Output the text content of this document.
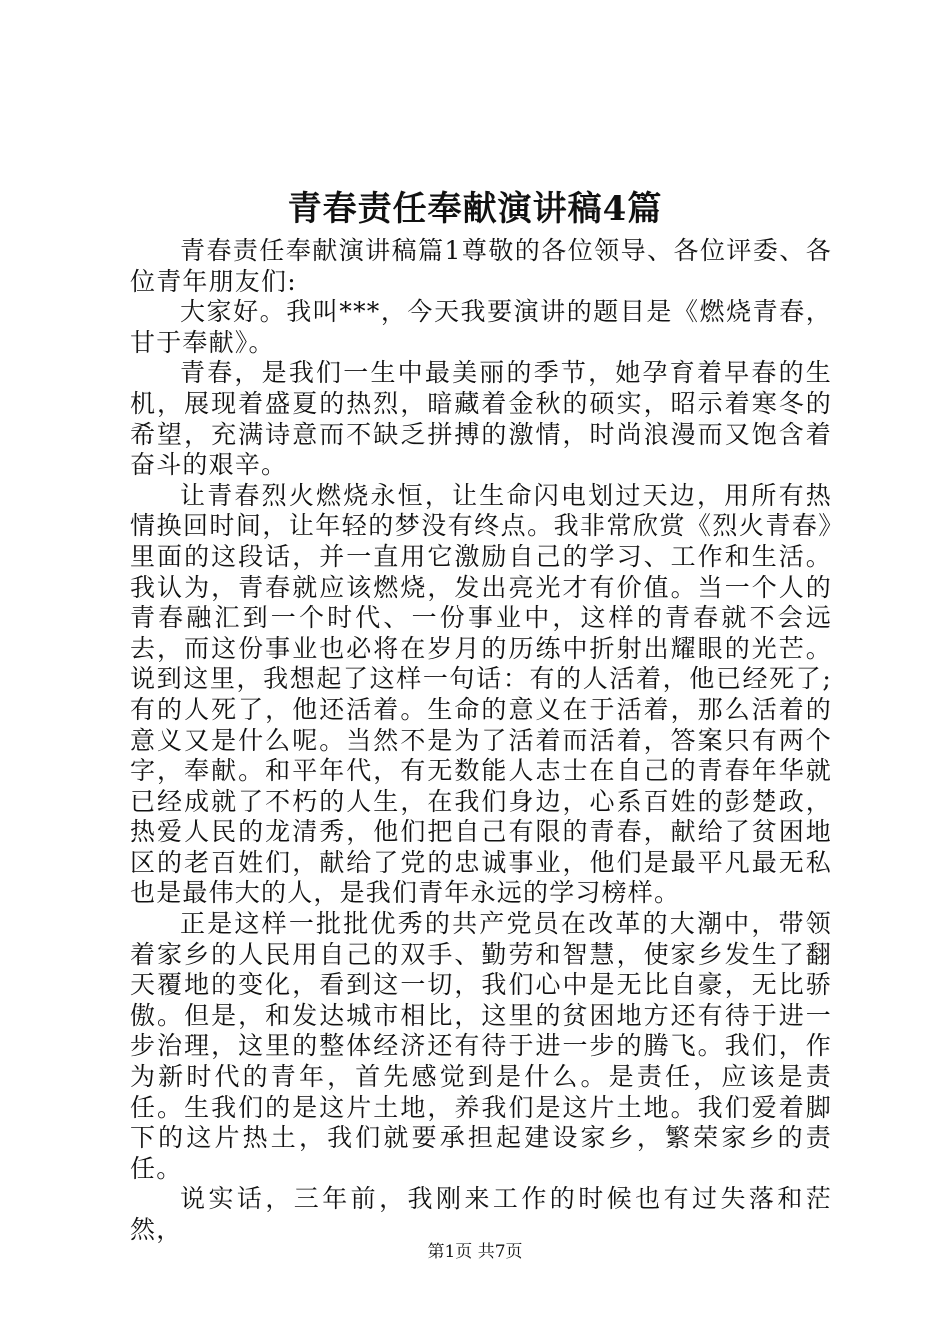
青春责任奉献演讲稿4篇

青春责任奉献演讲稿篇1尊敬的各位领导、各位评委、各位青年朋友们:

大家好。我叫***，今天我要演讲的题目是《燃烧青春，甘于奉献》。

青春，是我们一生中最美丽的季节，她孕育着早春的生机，展现着盛夏的热烈，暗藏着金秋的硕实，昭示着寒冬的希望，充满诗意而不缺乏拼搏的激情，时尚浪漫而又饱含着奋斗的艰辛。

让青春烈火燃烧永恒，让生命闪电划过天边，用所有热情换回时间，让年轻的梦没有终点。我非常欣赏《烈火青春》里面的这段话，并一直用它激励自己的学习、工作和生活。我认为，青春就应该燃烧，发出亮光才有价值。当一个人的青春融汇到一个时代、一份事业中，这样的青春就不会远去，而这份事业也必将在岁月的历练中折射出耀眼的光芒。说到这里，我想起了这样一句话：有的人活着，他已经死了;有的人死了，他还活着。生命的意义在于活着，那么活着的意义又是什么呢。当然不是为了活着而活着，答案只有两个字，奉献。和平年代，有无数能人志士在自己的青春年华就已经成就了不朽的人生，在我们身边，心系百姓的彭楚政，热爱人民的龙清秀，他们把自己有限的青春，献给了贫困地区的老百姓们，献给了党的忠诚事业，他们是最平凡最无私也是最伟大的人，是我们青年永远的学习榜样。

正是这样一批批优秀的共产党员在改革的大潮中，带领着家乡的人民用自己的双手、勤劳和智慧，使家乡发生了翻天覆地的变化，看到这一切，我们心中是无比自豪，无比骄傲。但是，和发达城市相比，这里的贫困地方还有待于进一步治理，这里的整体经济还有待于进一步的腾飞。我们，作为新时代的青年，首先感觉到是什么。是责任，应该是责任。生我们的是这片土地，养我们是这片土地。我们爱着脚下的这片热土，我们就要承担起建设家乡，繁荣家乡的责任。

说实话，三年前，我刚来工作的时候也有过失落和茫然，

第1页 共7页
